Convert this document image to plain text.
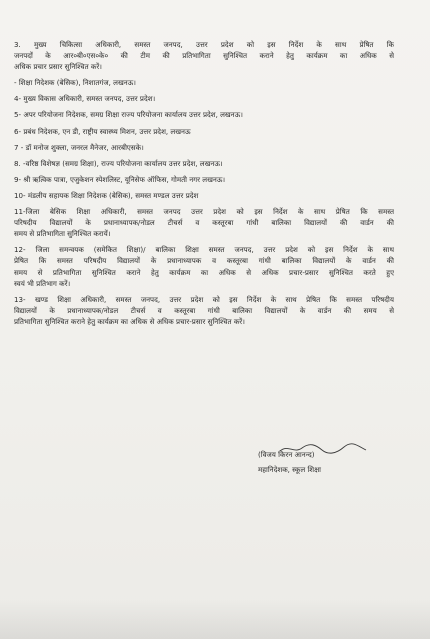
3. मुख्य चिकित्सा अधिकारी, समस्त जनपद, उत्तर प्रदेश को इस निर्देश के साथ प्रेषित कि
जनपदों के आर०बी०एस०के० की टीम की प्रतिभागिता सुनिश्चित कराने हेतु कार्यक्रम का अधिक से
अधिक प्रचार प्रसार सुनिश्चित करें।
- शिक्षा निदेशक (बेसिक), निशातगंज, लखनऊ।
4- मुख्य विकास अधिकारी, समस्त जनपद, उत्तर प्रदेश।
5- अपर परियोजना निदेशक, समग्र शिक्षा राज्य परियोजना कार्यालय उत्तर प्रदेश, लखनऊ।
6- प्रबंध निदेशक, एन डी, राष्ट्रीय स्वास्थ्य मिशन, उत्तर प्रदेश, लखनऊ
7 - डॉ मनोज शुक्ला, जनरल मैनेजर, आरबीएसके।
8. -वरिष्ठ विशेषज्ञ (समग्र शिक्षा), राज्य परियोजना कार्यालय उत्तर प्रदेश, लखनऊ।
9- श्री ऋत्विक पात्रा, एजुकेशन स्पेशलिस्ट, यूनिसेफ ऑफिस, गोमती नगर लखनऊ।
10- मंडलीय सहायक शिक्षा निदेशक (बेसिक), समस्त मण्डल उत्तर प्रदेश
11-जिला बेसिक शिक्षा अधिकारी, समस्त जनपद उत्तर प्रदेश को इस निर्देश के साथ प्रेषित कि समस्त
परिषदीय विद्यालयों के प्रधानाध्यापक/नोडल टीचर्स व कस्तूरबा गांधी बालिका विद्यालयों की वार्डन की
समय से प्रतिभागिता सुनिश्चित करायें।
12- जिला समन्वयक (समेकित शिक्षा)/ बालिका शिक्षा समस्त जनपद, उत्तर प्रदेश को इस निर्देश के साथ
प्रेषित कि समस्त परिषदीय विद्यालयों के प्रधानाध्यापक व कस्तूरबा गांधी बालिका विद्यालयों के वार्डन की
समय से प्रतिभागिता सुनिश्चित कराने हेतु कार्यक्रम का अधिक से अधिक प्रचार-प्रसार सुनिश्चित करते हुए
स्वयं भी प्रतिभाग करें।
13- खण्ड शिक्षा अधिकारी, समस्त जनपद, उत्तर प्रदेश को इस निर्देश के साथ प्रेषित कि समस्त परिषदीय
विद्यालयों के प्रधानाध्यापक/नोडल टीचर्स व कस्तूरबा गांधी बालिका विद्यालयों के वार्डन की समय से
प्रतिभागिता सुनिश्चित कराने हेतु कार्यक्रम का अधिक से अधिक प्रचार-प्रसार सुनिश्चित करें।
(विजय किरन आनन्द)
महानिदेशक, स्कूल शिक्षा
